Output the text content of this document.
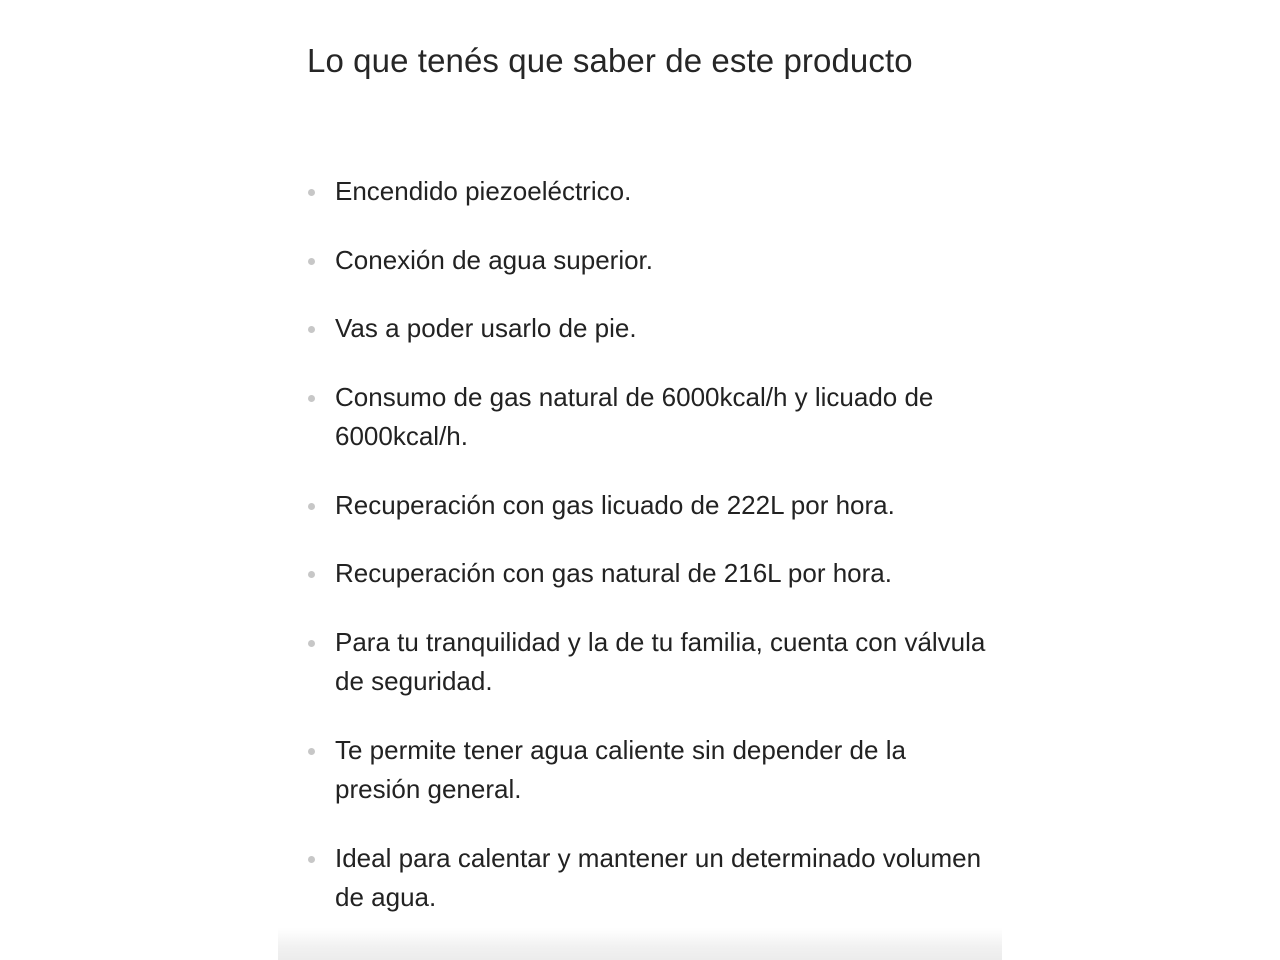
Lo que tenés que saber de este producto
Encendido piezoeléctrico.
Conexión de agua superior.
Vas a poder usarlo de pie.
Consumo de gas natural de 6000kcal/h y licuado de 6000kcal/h.
Recuperación con gas licuado de 222L por hora.
Recuperación con gas natural de 216L por hora.
Para tu tranquilidad y la de tu familia, cuenta con válvula de seguridad.
Te permite tener agua caliente sin depender de la presión general.
Ideal para calentar y mantener un determinado volumen de agua.
